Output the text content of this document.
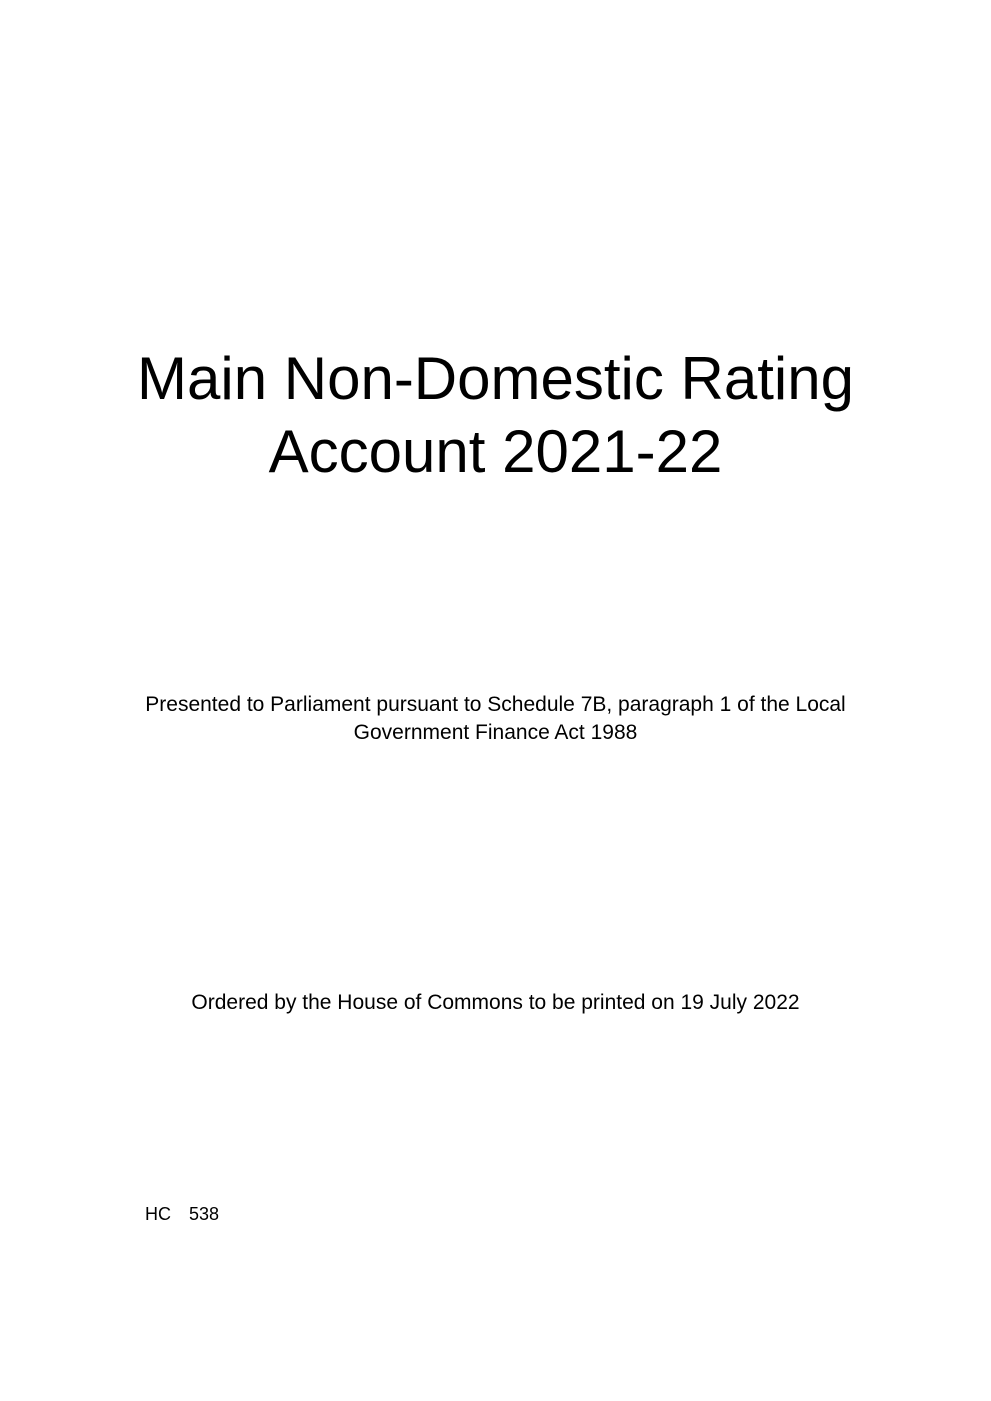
Main Non-Domestic Rating
Account 2021-22

Presented to Parliament pursuant to Schedule 7B, paragraph 1 of the Local
Government Finance Act 1988

Ordered by the House of Commons to be printed on 19 July 2022

HC 538
